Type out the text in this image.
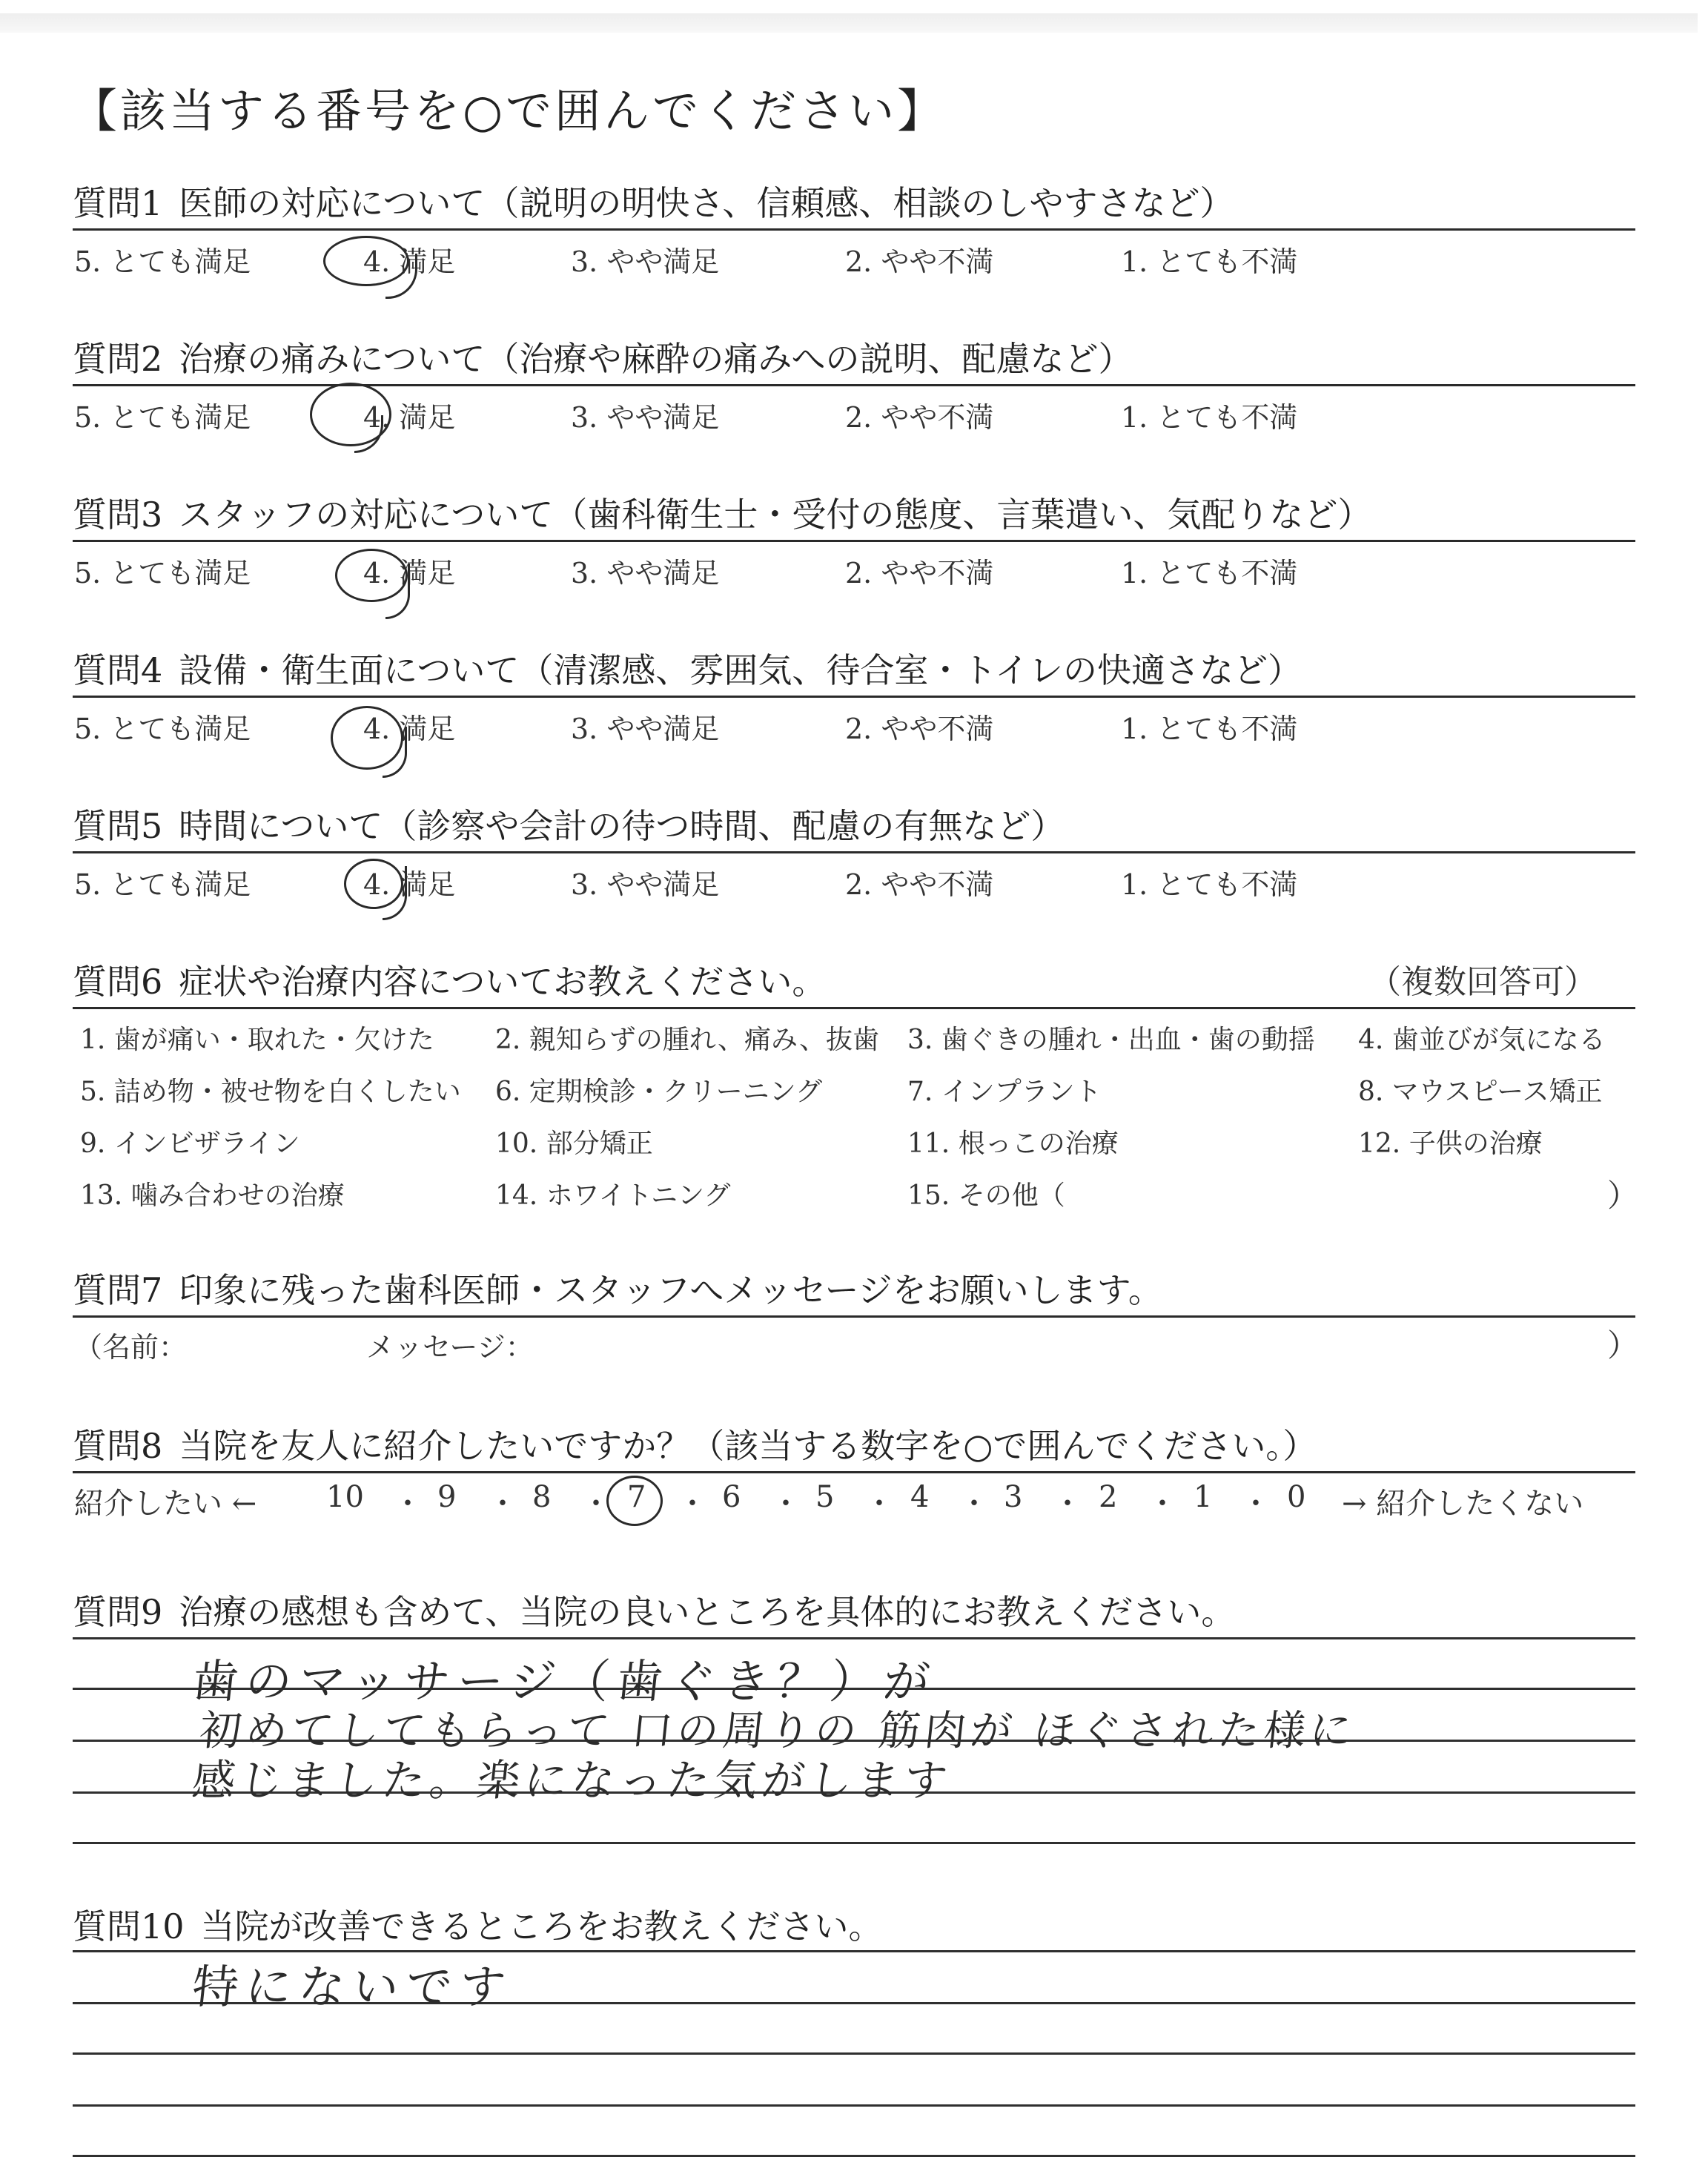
【該当する番号を○で囲んでください】
質問1 医師の対応について（説明の明快さ、信頼感、相談のしやすさなど）
5. とても満足	4. 満足	3. やや満足	2. やや不満	1. とても不満
質問2 治療の痛みについて（治療や麻酔の痛みへの説明、配慮など）
5. とても満足	4. 満足	3. やや満足	2. やや不満	1. とても不満
質問3 スタッフの対応について（歯科衛生士・受付の態度、言葉遣い、気配りなど）
5. とても満足	4. 満足	3. やや満足	2. やや不満	1. とても不満
質問4 設備・衛生面について（清潔感、雰囲気、待合室・トイレの快適さなど）
5. とても満足	4. 満足	3. やや満足	2. やや不満	1. とても不満
質問5 時間について（診察や会計の待つ時間、配慮の有無など）
5. とても満足	4. 満足	3. やや満足	2. やや不満	1. とても不満
質問6 症状や治療内容についてお教えください。	（複数回答可）
1. 歯が痛い・取れた・欠けた 2. 親知らずの腫れ、痛み、抜歯 3. 歯ぐきの腫れ・出血・歯の動揺 4. 歯並びが気になる
5. 詰め物・被せ物を白くしたい 6. 定期検診・クリーニング	7. インプラント	8. マウスピース矯正
9. インビザライン	10. 部分矯正	11. 根っこの治療	12. 子供の治療
13. 噛み合わせの治療	14. ホワイトニング	15. その他（	）
質問7 印象に残った歯科医師・スタッフへメッセージをお願いします。
（名前：	メッセージ：	）
質問8 当院を友人に紹介したいですか？（該当する数字を○で囲んでください。）
紹介したい ← 10 ・ 9 ・ 8 ・ 7 ・ 6 ・ 5 ・ 4 ・ 3 ・ 2 ・ 1 ・ 0 → 紹介したくない
質問9 治療の感想も含めて、当院の良いところを具体的にお教えください。
歯のマッサージ（歯ぐき？）が
初めてしてもらって 口の周りの 筋肉が ほぐされた様に
感じました。楽になった気がします
質問10 当院が改善できるところをお教えください。
特にないです
